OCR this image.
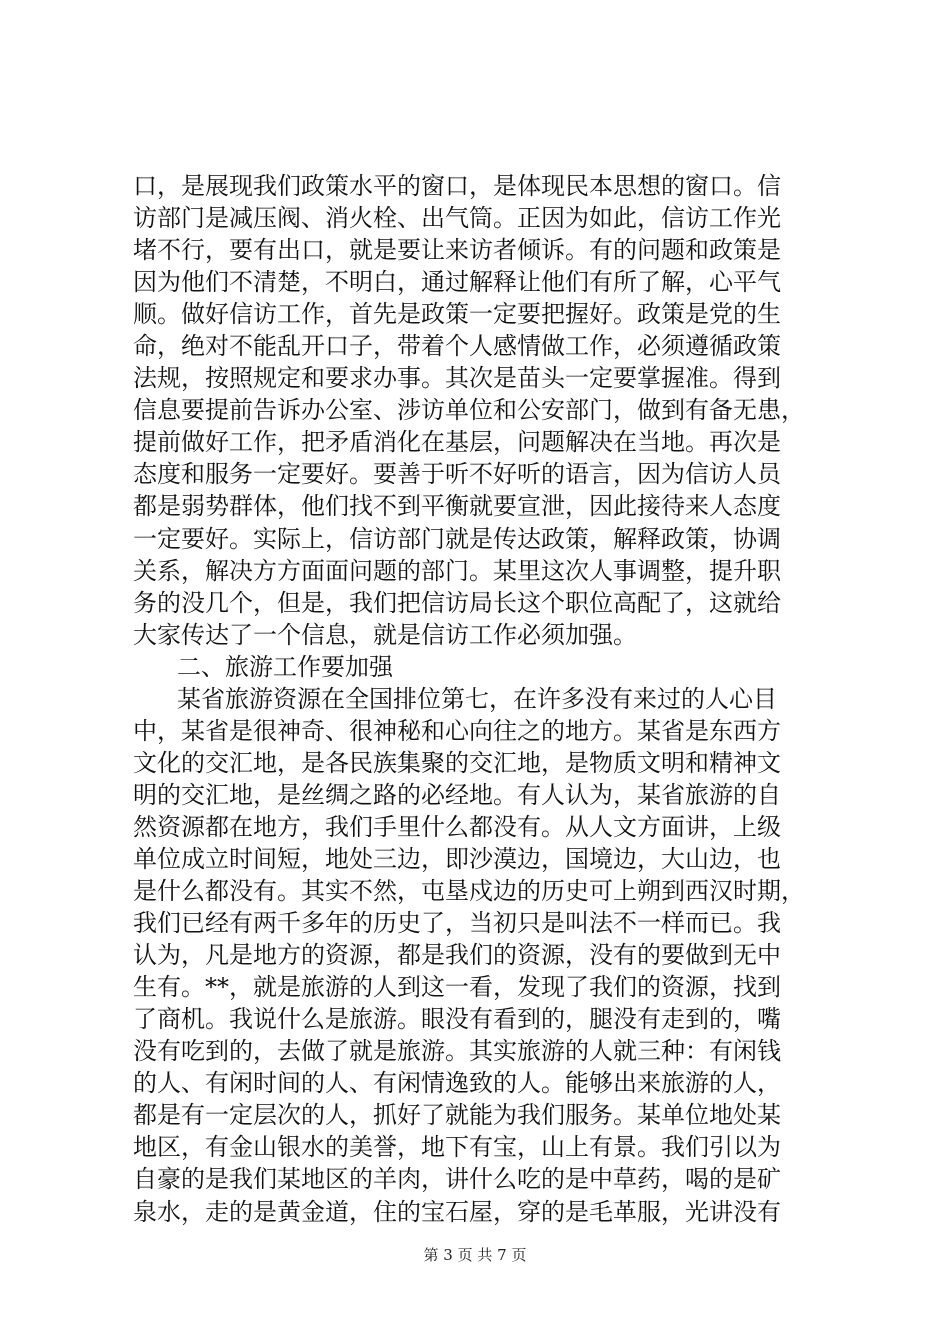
口，是展现我们政策水平的窗口，是体现民本思想的窗口。信
访部门是减压阀、消火栓、出气筒。正因为如此，信访工作光
堵不行，要有出口，就是要让来访者倾诉。有的问题和政策是
因为他们不清楚，不明白，通过解释让他们有所了解，心平气
顺。做好信访工作，首先是政策一定要把握好。政策是党的生
命，绝对不能乱开口子，带着个人感情做工作，必须遵循政策
法规，按照规定和要求办事。其次是苗头一定要掌握准。得到
信息要提前告诉办公室、涉访单位和公安部门，做到有备无患，
提前做好工作，把矛盾消化在基层，问题解决在当地。再次是
态度和服务一定要好。要善于听不好听的语言，因为信访人员
都是弱势群体，他们找不到平衡就要宣泄，因此接待来人态度
一定要好。实际上，信访部门就是传达政策，解释政策，协调
关系，解决方方面面问题的部门。某里这次人事调整，提升职
务的没几个，但是，我们把信访局长这个职位高配了，这就给
大家传达了一个信息，就是信访工作必须加强。
二、旅游工作要加强
某省旅游资源在全国排位第七，在许多没有来过的人心目
中，某省是很神奇、很神秘和心向往之的地方。某省是东西方
文化的交汇地，是各民族集聚的交汇地，是物质文明和精神文
明的交汇地，是丝绸之路的必经地。有人认为，某省旅游的自
然资源都在地方，我们手里什么都没有。从人文方面讲，上级
单位成立时间短，地处三边，即沙漠边，国境边，大山边，也
是什么都没有。其实不然，屯垦戍边的历史可上朔到西汉时期，
我们已经有两千多年的历史了，当初只是叫法不一样而已。我
认为，凡是地方的资源，都是我们的资源，没有的要做到无中
生有。**，就是旅游的人到这一看，发现了我们的资源，找到
了商机。我说什么是旅游。眼没有看到的，腿没有走到的，嘴
没有吃到的，去做了就是旅游。其实旅游的人就三种：有闲钱
的人、有闲时间的人、有闲情逸致的人。能够出来旅游的人，
都是有一定层次的人，抓好了就能为我们服务。某单位地处某
地区，有金山银水的美誉，地下有宝，山上有景。我们引以为
自豪的是我们某地区的羊肉，讲什么吃的是中草药，喝的是矿
泉水，走的是黄金道，住的宝石屋，穿的是毛革服，光讲没有
第 3 页 共 7 页
